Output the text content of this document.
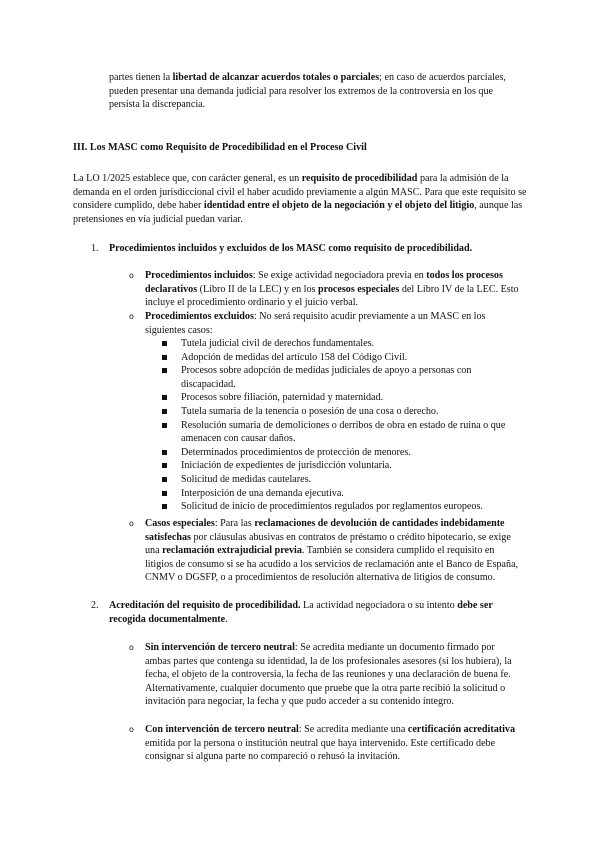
partes tienen la libertad de alcanzar acuerdos totales o parciales; en caso de acuerdos parciales, pueden presentar una demanda judicial para resolver los extremos de la controversia en los que persista la discrepancia.

III. Los MASC como Requisito de Procedibilidad en el Proceso Civil

La LO 1/2025 establece que, con carácter general, es un requisito de procedibilidad para la admisión de la demanda en el orden jurisdiccional civil el haber acudido previamente a algún MASC. Para que este requisito se considere cumplido, debe haber identidad entre el objeto de la negociación y el objeto del litigio, aunque las pretensiones en vía judicial puedan variar.

1.	Procedimientos incluidos y excluidos de los MASC como requisito de procedibilidad.

o	Procedimientos incluidos: Se exige actividad negociadora previa en todos los procesos declarativos (Libro II de la LEC) y en los procesos especiales del Libro IV de la LEC. Esto incluye el procedimiento ordinario y el juicio verbal.

o	Procedimientos excluidos: No será requisito acudir previamente a un MASC en los siguientes casos:

Tutela judicial civil de derechos fundamentales.
Adopción de medidas del artículo 158 del Código Civil.
Procesos sobre adopción de medidas judiciales de apoyo a personas con discapacidad.
Procesos sobre filiación, paternidad y maternidad.
Tutela sumaria de la tenencia o posesión de una cosa o derecho.
Resolución sumaria de demoliciones o derribos de obra en estado de ruina o que amenacen con causar daños.
Determinados procedimientos de protección de menores.
Iniciación de expedientes de jurisdicción voluntaria.
Solicitud de medidas cautelares.
Interposición de una demanda ejecutiva.
Solicitud de inicio de procedimientos regulados por reglamentos europeos.
o	Casos especiales: Para las reclamaciones de devolución de cantidades indebidamente satisfechas por cláusulas abusivas en contratos de préstamo o crédito hipotecario, se exige una reclamación extrajudicial previa. También se considera cumplido el requisito en litigios de consumo si se ha acudido a los servicios de reclamación ante el Banco de España, CNMV o DGSFP, o a procedimientos de resolución alternativa de litigios de consumo.

2.	Acreditación del requisito de procedibilidad. La actividad negociadora o su intento debe ser recogida documentalmente.

o	Sin intervención de tercero neutral: Se acredita mediante un documento firmado por ambas partes que contenga su identidad, la de los profesionales asesores (si los hubiera), la fecha, el objeto de la controversia, la fecha de las reuniones y una declaración de buena fe. Alternativamente, cualquier documento que pruebe que la otra parte recibió la solicitud o invitación para negociar, la fecha y que pudo acceder a su contenido íntegro.

o	Con intervención de tercero neutral: Se acredita mediante una certificación acreditativa emitida por la persona o institución neutral que haya intervenido. Este certificado debe consignar si alguna parte no compareció o rehusó la invitación.
